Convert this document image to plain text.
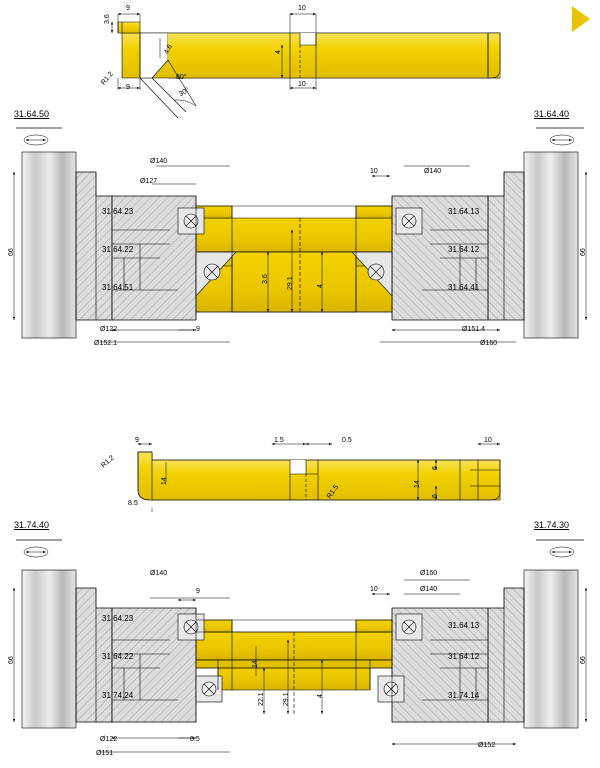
9
3.6
4.6
9	30°
60°
R1.2
10
4
10
31.64.50	31.64.40
31.64.23
31.64.22
31.64.51
31.64.13
31.64.12
31.64.41
Ø140
Ø127
Ø140
10
Ø122
Ø152.1
Ø151.4
Ø160
9
66	66
3.6	29.1	4
9
R1.2
8.5
14
1.5	0.5
R1.5	14
6
6
10
31.74.40	31.74.30
31.64.23
31.64.22
31.74.24
31.64.13
31.64.12
31.74.14
Ø140	Ø160
Ø140
10
9
Ø122
Ø151
Ø152
8.5
66	66
22.1	29.1	4
14
